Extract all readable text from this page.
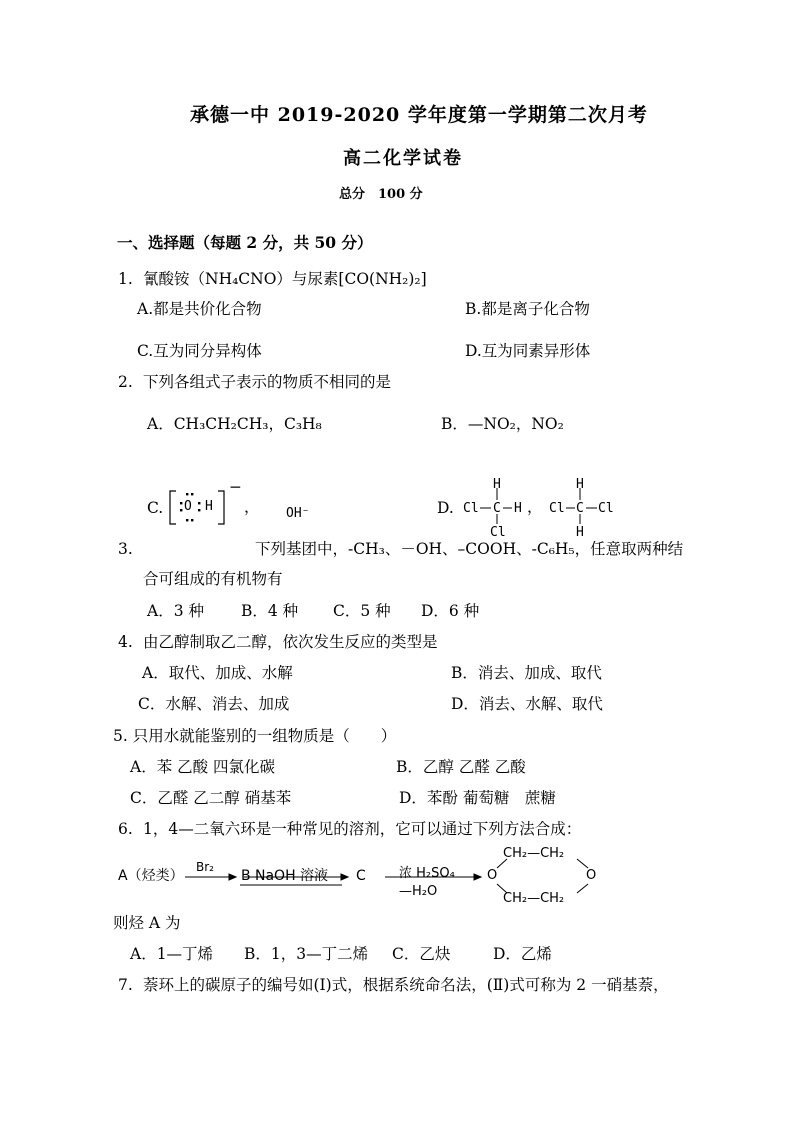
承德一中 2019-2020 学年度第一学期第二次月考
高二化学试卷
总分　100 分
一、选择题（每题 2 分，共 50 分）
1. 氰酸铵（NH₄CNO）与尿素[CO(NH₂)₂]
A.都是共价化合物	B.都是离子化合物
C.互为同分异构体	D.互为同素异形体
2. 下列各组式子表示的物质不相同的是
A．CH₃CH₂CH₃，C₃H₈	B．—NO₂，NO₂
C. O H
−
， OH⁻	D. Cl C H
H
Cl
， Cl C Cl
H
H
3.	下列基团中，-CH₃、－OH、–COOH、-C₆H₅，任意取两种结
合可组成的有机物有
A．3 种 B．4 种 C．5 种 D．6 种
4. 由乙醇制取乙二醇，依次发生反应的类型是
A．取代、加成、水解	B．消去、加成、取代
C．水解、消去、加成	D．消去、水解、取代
5. 只用水就能鉴别的一组物质是（　　）
A．苯 乙酸 四氯化碳	B．乙醇 乙醛 乙酸
C．乙醛 乙二醇 硝基苯	D．苯酚 葡萄糖　蔗糖
6. 1，4—二氧六环是一种常见的溶剂，它可以通过下列方法合成：
A（烃类）
Br₂
B NaOH 溶液 C	浓 H₂SO₄
—H₂O
CH₂—CH₂
CH₂—CH₂
O	O
则烃 A 为
A．1—丁烯 B．1，3—丁二烯 C．乙炔	D．乙烯
7. 萘环上的碳原子的编号如(Ⅰ)式，根据系统命名法，(Ⅱ)式可称为 2 一硝基萘，
